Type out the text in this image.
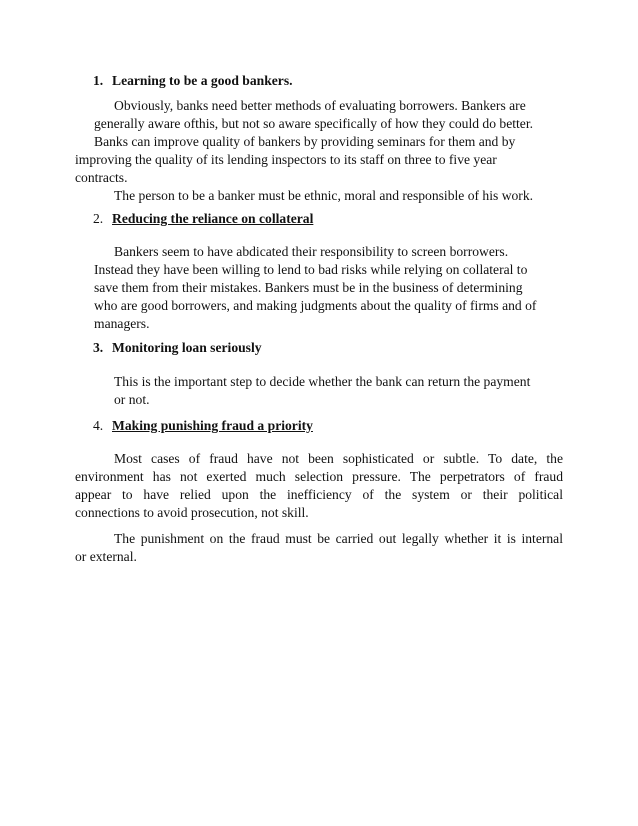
1. Learning to be a good bankers.
Obviously, banks need better methods of evaluating borrowers. Bankers are
generally aware ofthis, but not so aware specifically of how they could do better.
Banks can improve quality of bankers by providing seminars for them and by
improving the quality of its lending inspectors to its staff on three to five year
contracts.
The person to be a banker must be ethnic, moral and responsible of his work.
2. Reducing the reliance on collateral
Bankers seem to have abdicated their responsibility to screen borrowers.
Instead they have been willing to lend to bad risks while relying on collateral to
save them from their mistakes. Bankers must be in the business of determining
who are good borrowers, and making judgments about the quality of firms and of
managers.
3. Monitoring loan seriously
This is the important step to decide whether the bank can return the payment
or not.
4. Making punishing fraud a priority
Most cases of fraud have not been sophisticated or subtle. To date, the
environment has not exerted much selection pressure. The perpetrators of fraud
appear to have relied upon the inefficiency of the system or their political
connections to avoid prosecution, not skill.
The punishment on the fraud must be carried out legally whether it is internal
or external.
